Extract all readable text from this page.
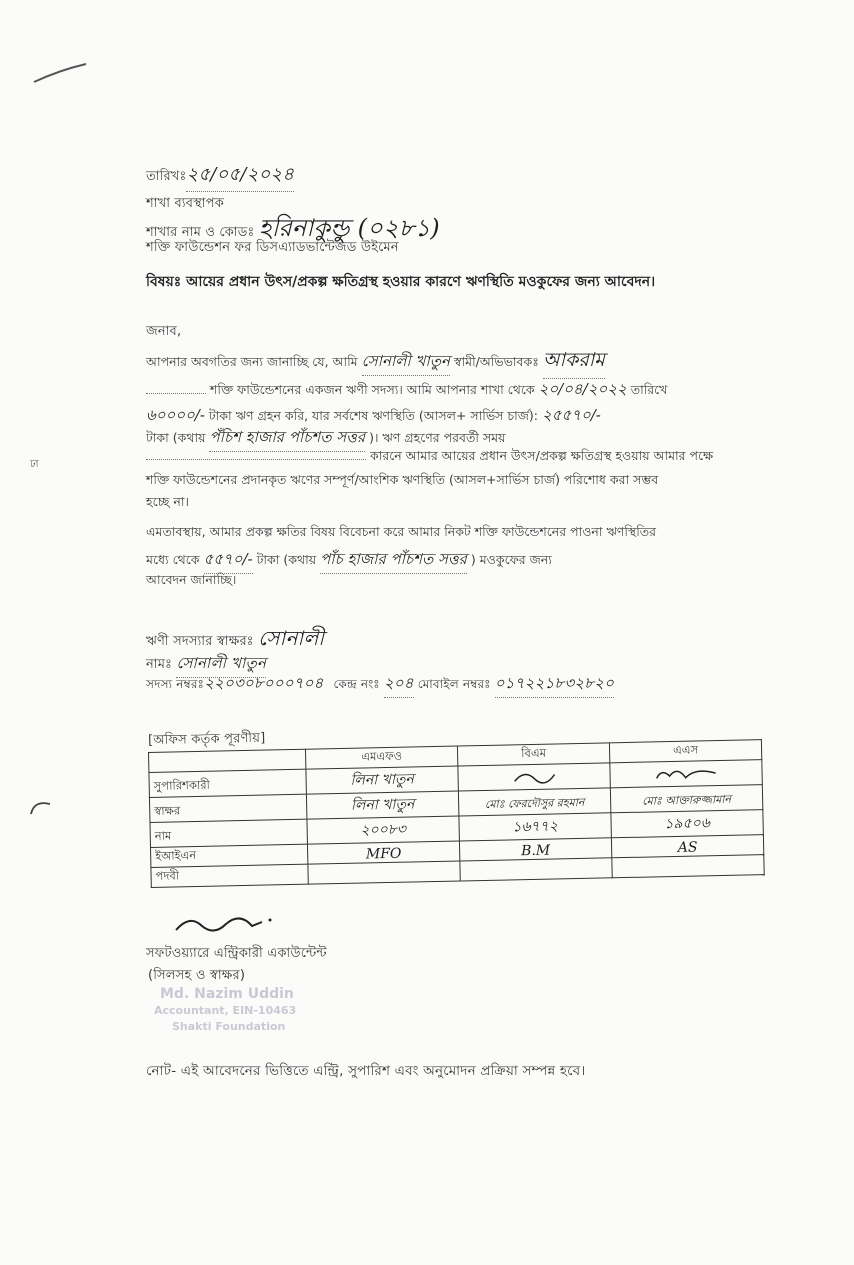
ঢা
তারিখঃ২৫/০৫/২০২৪
শাখা ব্যবস্থাপক
শাখার নাম ও কোডঃ হরিনাকুন্ডু (০২৮১)
শক্তি ফাউন্ডেশন ফর ডিসএ্যাডভান্টেজড উইমেন
বিষয়ঃ আয়ের প্রধান উৎস/প্রকল্প ক্ষতিগ্রস্থ হওয়ার কারণে ঋণস্থিতি মওকুফের জন্য আবেদন।
জনাব,
আপনার অবগতির জন্য জানাচ্ছি যে, আমি সোনালী খাতুন স্বামী/অভিভাবকঃ আকরাম
শক্তি ফাউন্ডেশনের একজন ঋণী সদস্য। আমি আপনার শাখা থেকে ২০/০৪/২০২২ তারিখে
৬০০০০/- টাকা ঋণ গ্রহন করি, যার সর্বশেষ ঋণস্থিতি (আসল+ সার্ভিস চার্জ): ২৫৫৭০/-
টাকা (কথায় পঁচিশ হাজার পাঁচশত সত্তর )। ঋণ গ্রহণের পরবর্তী সময়
কারনে আমার আয়ের প্রধান উৎস/প্রকল্প ক্ষতিগ্রস্থ হওয়ায় আমার পক্ষে
শক্তি ফাউন্ডেশনের প্রদানকৃত ঋণের সম্পূর্ণ/আংশিক ঋণস্থিতি (আসল+সার্ভিস চার্জ) পরিশোধ করা সম্ভব
হচ্ছে না।
এমতাবস্থায়, আমার প্রকল্প ক্ষতির বিষয় বিবেচনা করে আমার নিকট শক্তি ফাউন্ডেশনের পাওনা ঋণস্থিতির
মধ্যে থেকে ৫৫৭০/- টাকা (কথায় পাঁচ হাজার পাঁচশত সত্তর ) মওকুফের জন্য
আবেদন জানাচ্ছি।
ঋণী সদস্যার স্বাক্ষরঃ সোনালী
নামঃ সোনালী খাতুন
সদস্য নম্বরঃ২২০৩০৮০০০৭০৪ কেন্দ্র নংঃ ২০৪ মোবাইল নম্বরঃ ০১৭২২১৮৩২৮২০
[অফিস কর্তৃক পূরণীয়]
	এমএফও	বিএম	এএস
সুপারিশকারী	লিনা খাতুন		
স্বাক্ষর	লিনা খাতুন	মোঃ ফেরদৌসুর রহমান	মোঃ আক্তারুজ্জামান
নাম	২০০৮৩	১৬৭৭২	১৯৫০৬
ইআইএন	MFO	B.M	AS
পদবী			
সফটওয়্যারে এন্ট্রিকারী একাউন্টেন্ট
(সিলসহ ও স্বাক্ষর)
Md. Nazim Uddin
Accountant, EIN-10463
Shakti Foundation
নোট- এই আবেদনের ভিত্তিতে এন্ট্রি, সুপারিশ এবং অনুমোদন প্রক্রিয়া সম্পন্ন হবে।
